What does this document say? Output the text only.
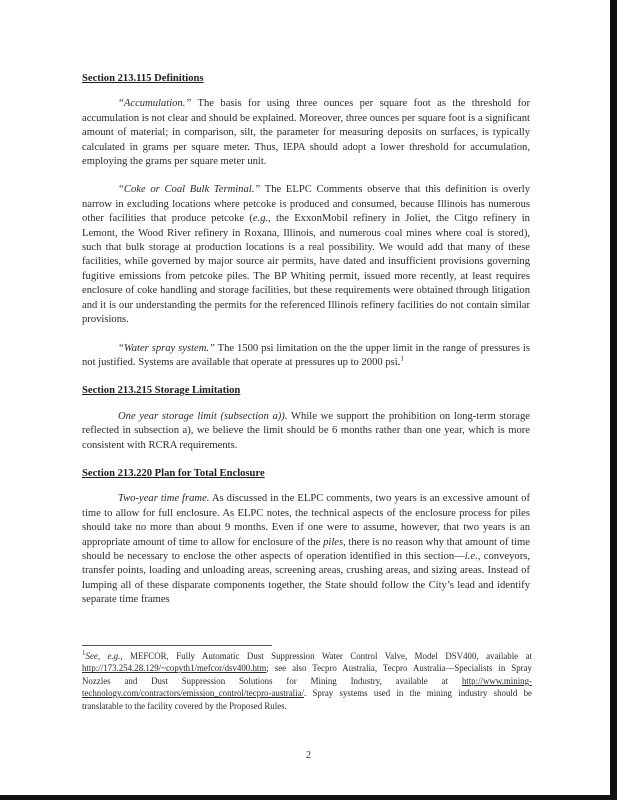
Section 213.115 Definitions

“Accumulation.” The basis for using three ounces per square foot as the threshold for accumulation is not clear and should be explained. Moreover, three ounces per square foot is a significant amount of material; in comparison, silt, the parameter for measuring deposits on surfaces, is typically calculated in grams per square meter. Thus, IEPA should adopt a lower threshold for accumulation, employing the grams per square meter unit.

“Coke or Coal Bulk Terminal.” The ELPC Comments observe that this definition is overly narrow in excluding locations where petcoke is produced and consumed, because Illinois has numerous other facilities that produce petcoke (e.g., the ExxonMobil refinery in Joliet, the Citgo refinery in Lemont, the Wood River refinery in Roxana, Illinois, and numerous coal mines where coal is stored), such that bulk storage at production locations is a real possibility. We would add that many of these facilities, while governed by major source air permits, have dated and insufficient provisions governing fugitive emissions from petcoke piles. The BP Whiting permit, issued more recently, at least requires enclosure of coke handling and storage facilities, but these requirements were obtained through litigation and it is our understanding the permits for the referenced Illinois refinery facilities do not contain similar provisions.

“Water spray system.” The 1500 psi limitation on the the upper limit in the range of pressures is not justified. Systems are available that operate at pressures up to 2000 psi.$^1$

Section 213.215 Storage Limitation

One year storage limit (subsection a)). While we support the prohibition on long-term storage reflected in subsection a), we believe the limit should be 6 months rather than one year, which is more consistent with RCRA requirements.

Section 213.220 Plan for Total Enclosure

Two-year time frame. As discussed in the ELPC comments, two years is an excessive amount of time to allow for full enclosure. As ELPC notes, the technical aspects of the enclosure process for piles should take no more than about 9 months. Even if one were to assume, however, that two years is an appropriate amount of time to allow for enclosure of the piles, there is no reason why that amount of time should be necessary to enclose the other aspects of operation identified in this section—i.e., conveyors, transfer points, loading and unloading areas, screening areas, crushing areas, and sizing areas. Instead of lumping all of these disparate components together, the State should follow the City’s lead and identify separate time frames

$^1$See, e.g., MEFCOR, Fully Automatic Dust Suppression Water Control Valve, Model DSV400, available at http://173.254.28.129/~copyth1/mefcor/dsv400.htm; see also Tecpro Australia, Tecpro Australia—Specialists in Spray Nozzles and Dust Suppression Solutions for Mining Industry, available at http://www.mining-technology.com/contractors/emission_control/tecpro-australia/. Spray systems used in the mining industry should be translatable to the facility covered by the Proposed Rules.
2
